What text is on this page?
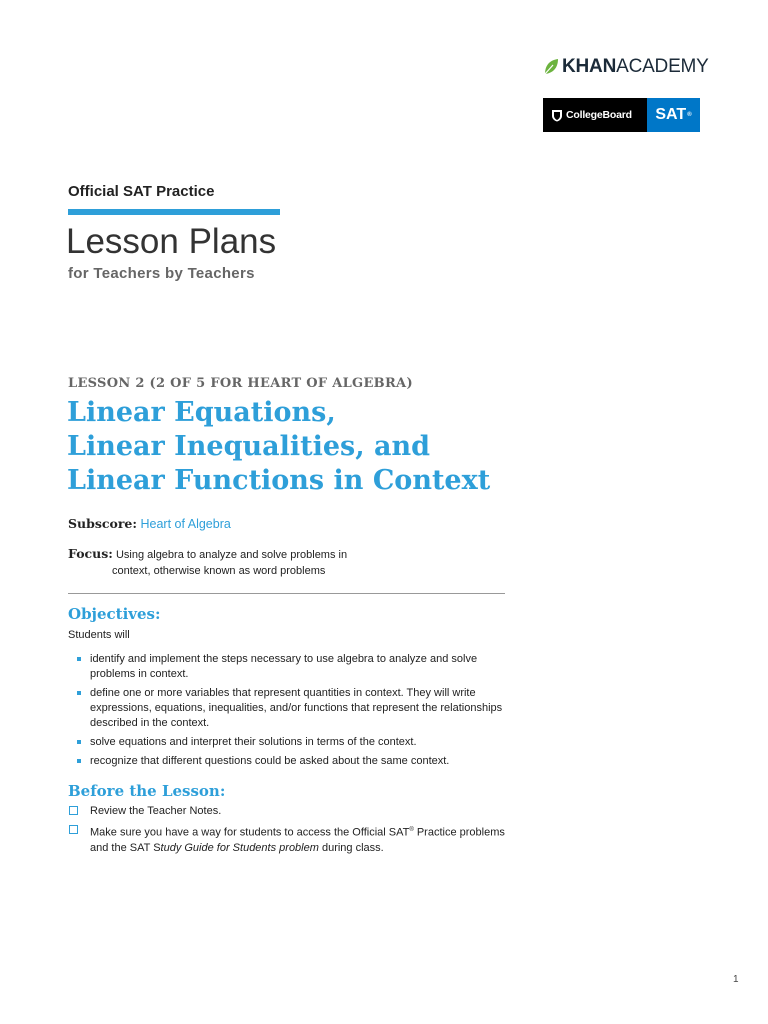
KHANACADEMY
CollegeBoard SAT ®
Official SAT Practice
Lesson Plans
for Teachers by Teachers
LESSON 2 (2 OF 5 FOR HEART OF ALGEBRA)
Linear Equations,
Linear Inequalities, and
Linear Functions in Context
Subscore: Heart of Algebra
Focus: Using algebra to analyze and solve problems in
context, otherwise known as word problems
Objectives:
Students will
identify and implement the steps necessary to use algebra to analyze and solve problems in context.
define one or more variables that represent quantities in context. They will write expressions, equations, inequalities, and/or functions that represent the relationships described in the context.
solve equations and interpret their solutions in terms of the context.
recognize that different questions could be asked about the same context.
Before the Lesson:
Review the Teacher Notes.
Make sure you have a way for students to access the Official SAT® Practice problems and the SAT Study Guide for Students problem during class.
1
